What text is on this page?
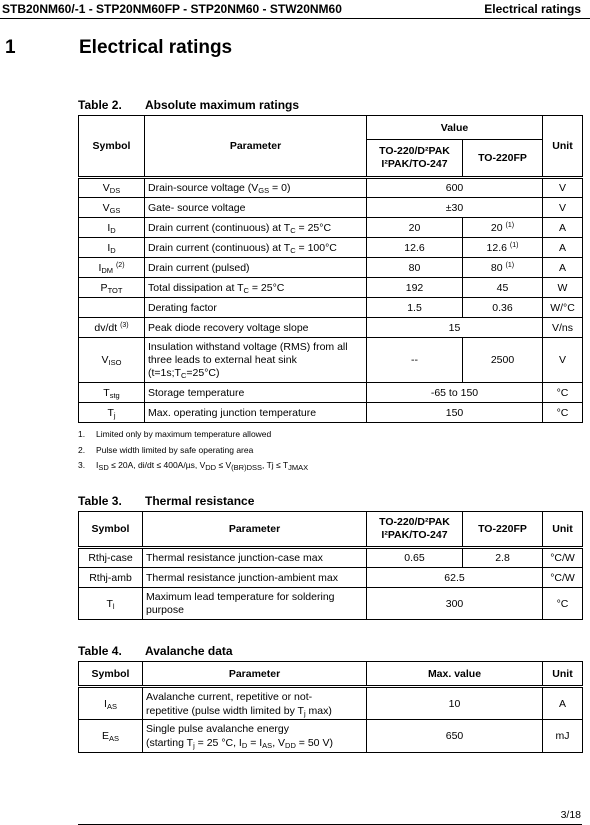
STB20NM60/-1 - STP20NM60FP - STP20NM60 - STW20NM60	Electrical ratings
1	Electrical ratings
Table 2. Absolute maximum ratings
Symbol	Parameter	Value		Unit
		TO-220/D²PAK I²PAK/TO-247	TO-220FP	
$V_{DS}$	Drain-source voltage $(V_{GS} = 0)$	600		V
$V_{GS}$	Gate- source voltage	±30		V
$I_D$	Drain current (continuous) at $T_C = 25^\circ C$	20	20 $^{(1)}$	A
$I_D$	Drain current (continuous) at $T_C = 100^\circ C$	12.6	12.6 $^{(1)}$	A
$I_{DM}$ $^{(2)}$	Drain current (pulsed)	80	80 $^{(1)}$	A
$P_{TOT}$	Total dissipation at $T_C = 25^\circ C$	192	45	W
	Derating factor	1.5	0.36	W/°C
dv/dt $^{(3)}$	Peak diode recovery voltage slope	15		V/ns
$V_{ISO}$	Insulation withstand voltage (RMS) from all
three leads to external heat sink
$(t=1s;T_C=25^\circ C)$	--	2500	V
$T_{stg}$	Storage temperature	-65 to 150		°C
$T_j$	Max. operating junction temperature	150		°C
1. Limited only by maximum temperature allowed
2. Pulse width limited by safe operating area
3. $I_{SD} \le 20A$, di/dt ≤ 400A/µs, $V_{DD} \le V_{(BR)DSS}$, $Tj \le T_{JMAX}$
Table 3. Thermal resistance
Symbol	Parameter	TO-220/D²PAK I²PAK/TO-247	TO-220FP	Unit
Rthj-case	Thermal resistance junction-case max	0.65	2.8	°C/W
Rthj-amb	Thermal resistance junction-ambient max	62.5		°C/W
$T_l$	Maximum lead temperature for soldering
purpose	300		°C
Table 4. Avalanche data
Symbol	Parameter	Max. value	Unit
$I_{AS}$	Avalanche current, repetitive or not-
repetitive (pulse width limited by $T_j$ max)	10	A
$E_{AS}$	Single pulse avalanche energy
(starting $T_j = 25$ °C, $I_D = I_{AS}$, $V_{DD} = 50$ V)	650	mJ
3/18
